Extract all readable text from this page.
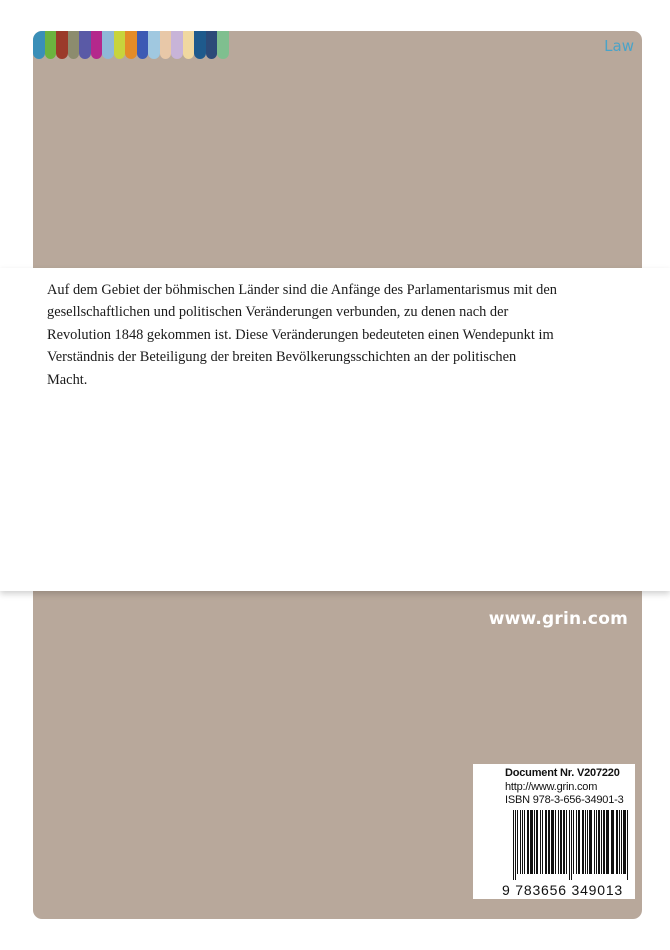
Law
www.grin.com
Document Nr. V207220
http://www.grin.com
ISBN 978-3-656-34901-3
9 783656 349013

Auf dem Gebiet der böhmischen Länder sind die Anfänge des Parlamentarismus mit den gesellschaftlichen und politischen Veränderungen verbunden, zu denen nach der Revolution 1848 gekommen ist. Diese Veränderungen bedeuteten einen Wendepunkt im Verständnis der Beteiligung der breiten Bevölkerungsschichten an der politischen Macht.
